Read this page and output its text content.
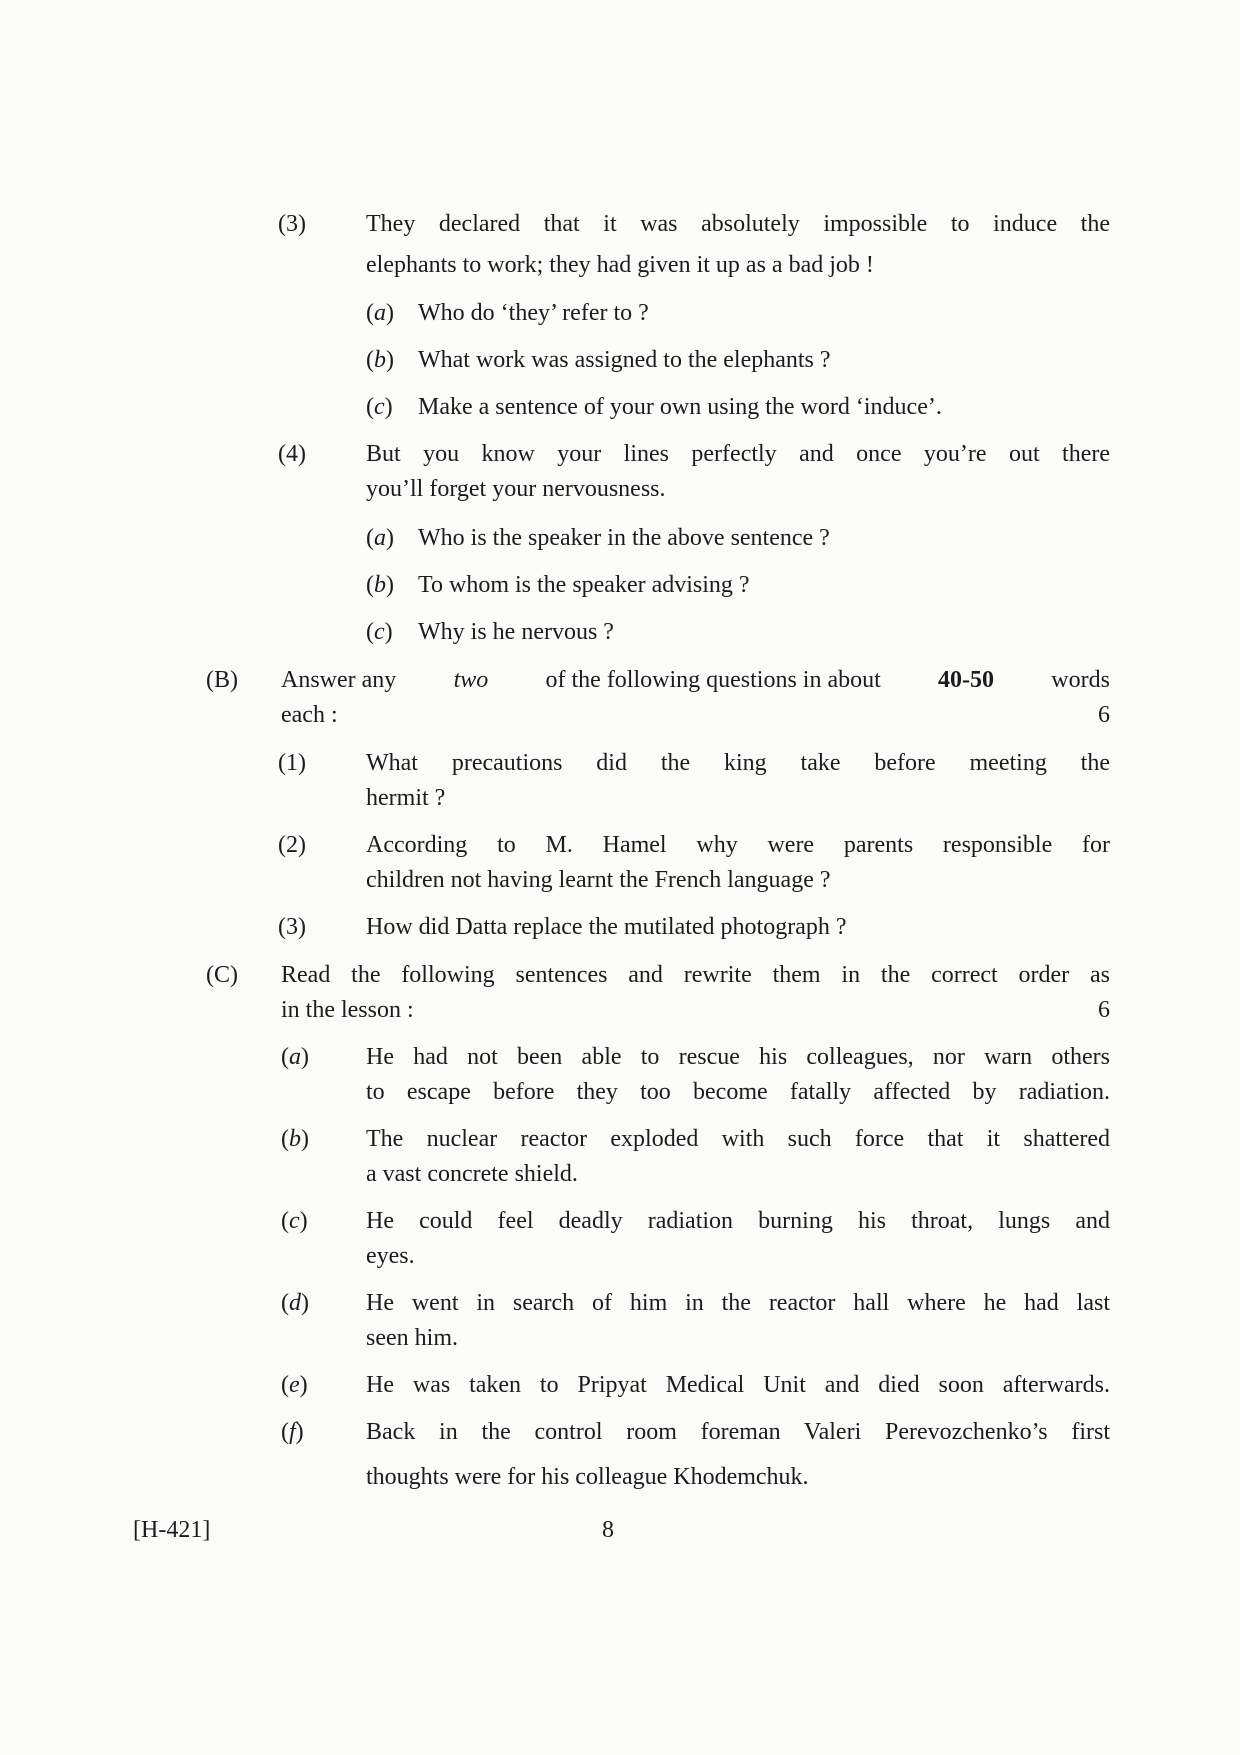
(3)	They declared that it was absolutely impossible to induce the
elephants to work; they had given it up as a bad job !
(a) Who do ‘they’ refer to ?
(b) What work was assigned to the elephants ?
(c) Make a sentence of your own using the word ‘induce’.
(4)	But you know your lines perfectly and once you’re out there
you’ll forget your nervousness.
(a) Who is the speaker in the above sentence ?
(b) To whom is the speaker advising ?
(c) Why is he nervous ?
(B) Answer any two of the following questions in about 40-50 words
each :	6
(1)	What precautions did the king take before meeting the
hermit ?
(2)	According to M. Hamel why were parents responsible for
children not having learnt the French language ?
(3)	How did Datta replace the mutilated photograph ?
(C) Read the following sentences and rewrite them in the correct order as
in the lesson :	6
(a) He had not been able to rescue his colleagues, nor warn others
to escape before they too become fatally affected by radiation.
(b) The nuclear reactor exploded with such force that it shattered
a vast concrete shield.
(c) He could feel deadly radiation burning his throat, lungs and
eyes.
(d) He went in search of him in the reactor hall where he had last
seen him.
(e) He was taken to Pripyat Medical Unit and died soon afterwards.
(f)	Back in the control room foreman Valeri Perevozchenko’s first
thoughts were for his colleague Khodemchuk.
[H-421]	8
